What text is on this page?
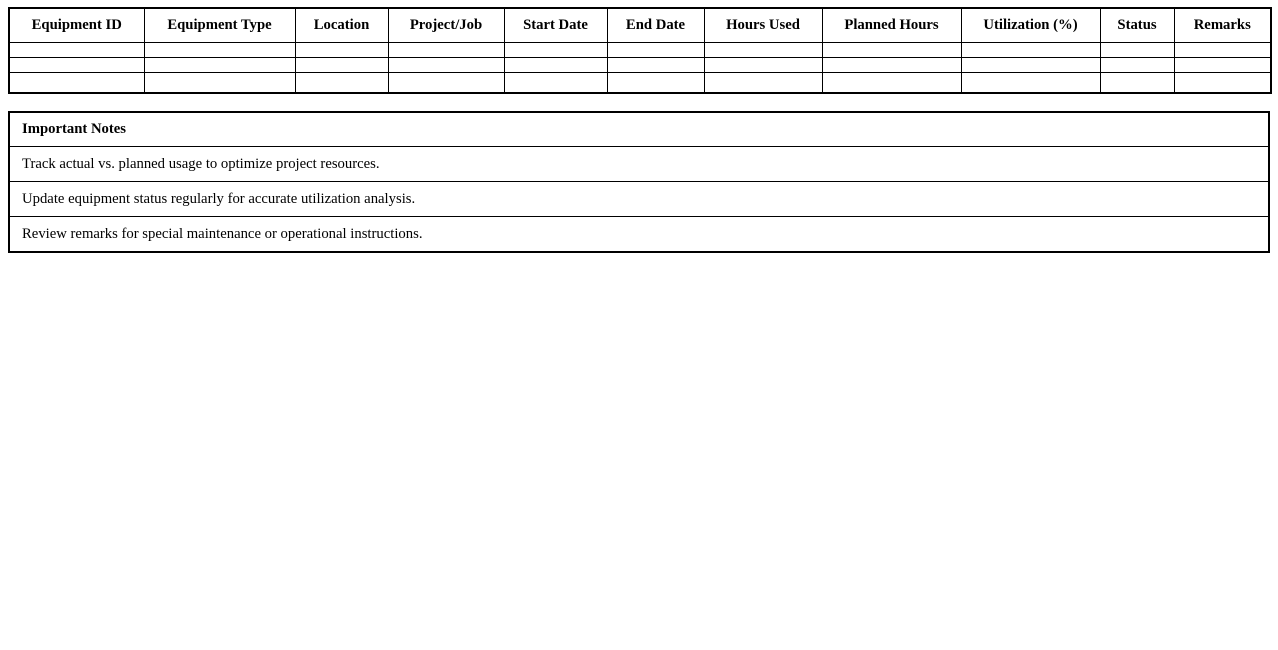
Equipment ID	Equipment Type	Location	Project/Job	Start Date	End Date	Hours Used	Planned Hours	Utilization (%)	Status	Remarks

Important Notes
Track actual vs. planned usage to optimize project resources.
Update equipment status regularly for accurate utilization analysis.
Review remarks for special maintenance or operational instructions.
